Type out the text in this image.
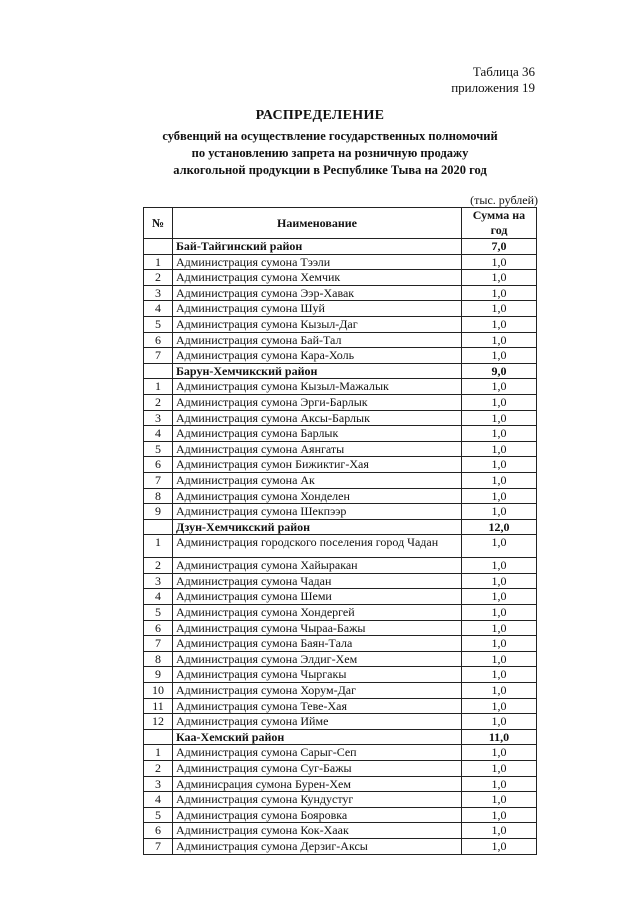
Таблица 36
приложения 19
РАСПРЕДЕЛЕНИЕ
субвенций на осуществление государственных полномочий по установлению запрета на розничную продажу алкогольной продукции в Республике Тыва на 2020 год
(тыс. рублей)
№	Наименование	Сумма на год
	Бай-Тайгинский район	7,0
1	Администрация сумона Тээли	1,0
2	Администрация сумона Хемчик	1,0
3	Администрация сумона Ээр-Хавак	1,0
4	Администрация сумона Шуй	1,0
5	Администрация сумона Кызыл-Даг	1,0
6	Администрация сумона Бай-Тал	1,0
7	Администрация сумона Кара-Холь	1,0
	Барун-Хемчикский район	9,0
1	Администрация сумона Кызыл-Мажалык	1,0
2	Администрация сумона Эрги-Барлык	1,0
3	Администрация сумона Аксы-Барлык	1,0
4	Администрация сумона Барлык	1,0
5	Администрация сумона Аянгаты	1,0
6	Администрация сумон Бижиктиг-Хая	1,0
7	Администрация сумона Ак	1,0
8	Администрация сумона Хонделен	1,0
9	Администрация сумона Шекпээр	1,0
	Дзун-Хемчикский район	12,0
1	Администрация городского поселения город Чадан	1,0
2	Администрация сумона Хайыракан	1,0
3	Администрация сумона Чадан	1,0
4	Администрация сумона Шеми	1,0
5	Администрация сумона Хондергей	1,0
6	Администрация сумона Чыраа-Бажы	1,0
7	Администрация сумона Баян-Тала	1,0
8	Администрация сумона Элдиг-Хем	1,0
9	Администрация сумона Чыргакы	1,0
10	Администрация сумона Хорум-Даг	1,0
11	Администрация сумона Теве-Хая	1,0
12	Администрация сумона Ийме	1,0
	Каа-Хемский район	11,0
1	Администрация сумона Сарыг-Сеп	1,0
2	Администрация сумона Суг-Бажы	1,0
3	Админисрация сумона Бурен-Хем	1,0
4	Администрация сумона Кундустуг	1,0
5	Администрация сумона Бояровка	1,0
6	Администрация сумона Кок-Хаак	1,0
7	Администрация сумона Дерзиг-Аксы	1,0
